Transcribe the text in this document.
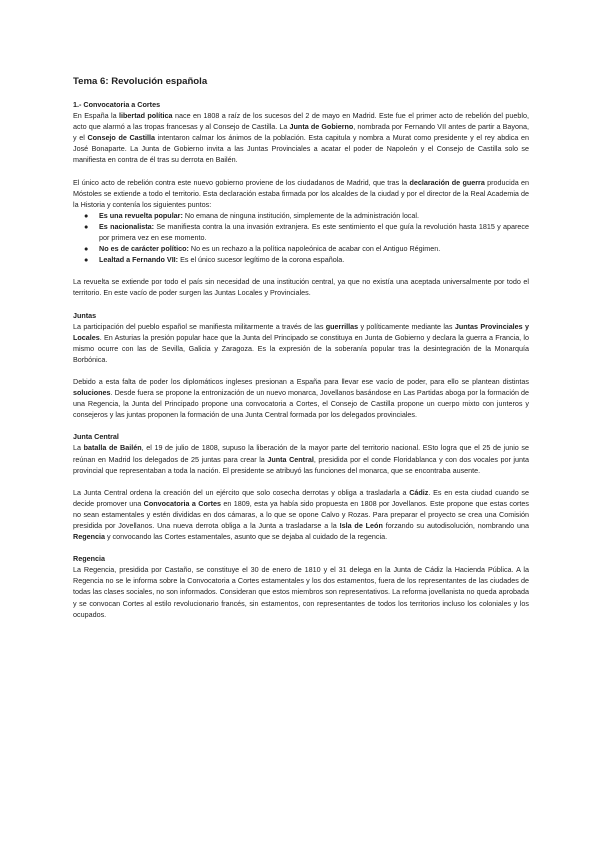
Tema 6: Revolución española
1.- Convocatoria a Cortes

En España la libertad política nace en 1808 a raíz de los sucesos del 2 de mayo en Madrid. Este fue el primer acto de rebelión del pueblo, acto que alarmó a las tropas francesas y al Consejo de Castilla. La Junta de Gobierno, nombrada por Fernando VII antes de partir a Bayona, y el Consejo de Castilla intentaron calmar los ánimos de la población. Esta capitula y nombra a Murat como presidente y el rey abdica en José Bonaparte. La Junta de Gobierno invita a las Juntas Provinciales a acatar el poder de Napoleón y el Consejo de Castilla solo se manifiesta en contra de él tras su derrota en Bailén.

El único acto de rebelión contra este nuevo gobierno proviene de los ciudadanos de Madrid, que tras la declaración de guerra producida en Móstoles se extiende a todo el territorio. Esta declaración estaba firmada por los alcaldes de la ciudad y por el director de la Real Academia de la Historia y contenía los siguientes puntos:

● Es una revuelta popular: No emana de ninguna institución, simplemente de la administración local.
● Es nacionalista: Se manifiesta contra la una invasión extranjera. Es este sentimiento el que guía la revolución hasta 1815 y aparece por primera vez en ese momento.
● No es de carácter político: No es un rechazo a la política napoleónica de acabar con el Antiguo Régimen.
● Lealtad a Fernando VII: Es el único sucesor legítimo de la corona española.

La revuelta se extiende por todo el país sin necesidad de una institución central, ya que no existía una aceptada universalmente por todo el territorio. En este vacío de poder surgen las Juntas Locales y Provinciales.

Juntas

La participación del pueblo español se manifiesta militarmente a través de las guerrillas y políticamente mediante las Juntas Provinciales y Locales. En Asturias la presión popular hace que la Junta del Principado se constituya en Junta de Gobierno y declara la guerra a Francia, lo mismo ocurre con las de Sevilla, Galicia y Zaragoza. Es la expresión de la soberanía popular tras la desintegración de la Monarquía Borbónica.

Debido a esta falta de poder los diplomáticos ingleses presionan a España para llevar ese vacío de poder, para ello se plantean distintas soluciones. Desde fuera se propone la entronización de un nuevo monarca, Jovellanos basándose en Las Partidas aboga por la formación de una Regencia, la Junta del Principado propone una convocatoria a Cortes, el Consejo de Castilla propone un cuerpo mixto con junteros y consejeros y las juntas proponen la formación de una Junta Central formada por los delegados provinciales.

Junta Central

La batalla de Bailén, el 19 de julio de 1808, supuso la liberación de la mayor parte del territorio nacional. ESto logra que el 25 de junio se reúnan en Madrid los delegados de 25 juntas para crear la Junta Central, presidida por el conde Floridablanca y con dos vocales por junta provincial que representaban a toda la nación. El presidente se atribuyó las funciones del monarca, que se encontraba ausente.

La Junta Central ordena la creación del un ejército que solo cosecha derrotas y obliga a trasladarla a Cádiz. Es en esta ciudad cuando se decide promover una Convocatoria a Cortes en 1809, esta ya había sido propuesta en 1808 por Jovellanos. Este propone que estas cortes no sean estamentales y estén divididas en dos cámaras, a lo que se opone Calvo y Rozas. Para preparar el proyecto se crea una Comisión presidida por Jovellanos. Una nueva derrota obliga a la Junta a trasladarse a la Isla de León forzando su autodisolución, nombrando una Regencia y convocando las Cortes estamentales, asunto que se dejaba al cuidado de la regencia.

Regencia

La Regencia, presidida por Castaño, se constituye el 30 de enero de 1810 y el 31 delega en la Junta de Cádiz la Hacienda Pública. A la Regencia no se le informa sobre la Convocatoria a Cortes estamentales y los dos estamentos, fuera de los representantes de las ciudades de todas las clases sociales, no son informados. Consideran que estos miembros son representativos. La reforma jovellanista no queda aprobada y se convocan Cortes al estilo revolucionario francés, sin estamentos, con representantes de todos los territorios incluso los coloniales y los ocupados.
